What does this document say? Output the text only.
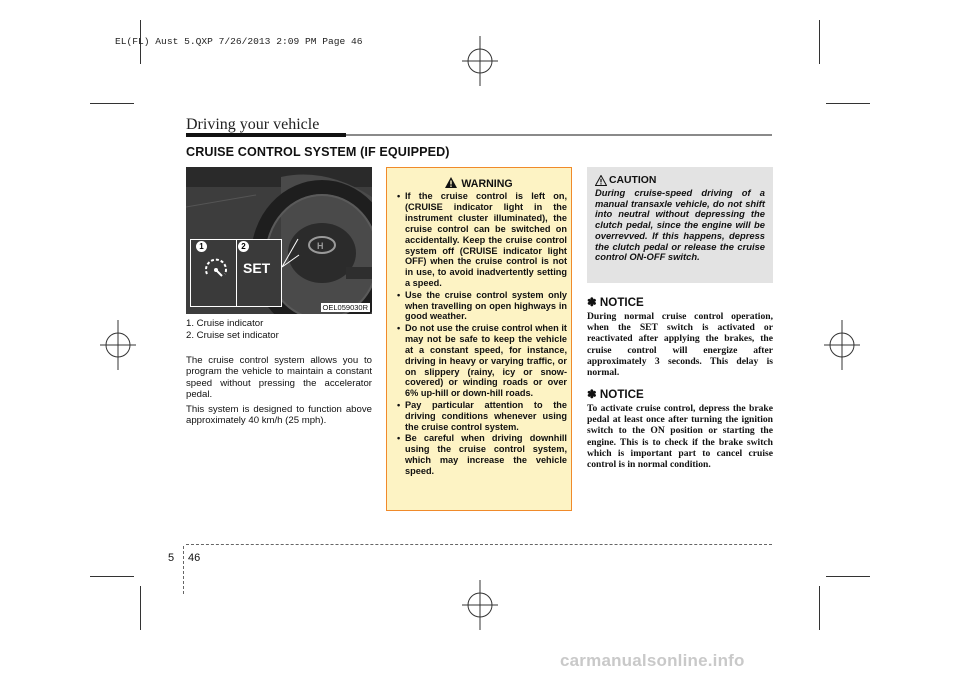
EL(FL) Aust 5.QXP 7/26/2013 2:09 PM Page 46
Driving your vehicle
CRUISE CONTROL SYSTEM (IF EQUIPPED)
H
SET
1	2
OEL059030R
1. Cruise indicator
2. Cruise set indicator
The cruise control system allows you to program the vehicle to maintain a constant speed without pressing the accelerator pedal.
This system is designed to function above approximately 40 km/h (25 mph).
WARNING
• If the cruise control is left on, (CRUISE indicator light in the instrument cluster illuminated), the cruise control can be switched on accidentally. Keep the cruise control system off (CRUISE indicator light OFF) when the cruise control is not in use, to avoid inadvertently setting a speed.
• Use the cruise control system only when travelling on open highways in good weather.
• Do not use the cruise control when it may not be safe to keep the vehicle at a constant speed, for instance, driving in heavy or varying traffic, or on slippery (rainy, icy or snow-covered) or winding roads or over 6% up-hill or down-hill roads.
• Pay particular attention to the driving conditions whenever using the cruise control system.
• Be careful when driving downhill using the cruise control system, which may increase the vehicle speed.
CAUTION
During cruise-speed driving of a manual transaxle vehicle, do not shift into neutral without depressing the clutch pedal, since the engine will be overrevved. If this happens, depress the clutch pedal or release the cruise control ON-OFF switch.
✽ NOTICE
During normal cruise control operation, when the SET switch is activated or reactivated after applying the brakes, the cruise control will energize after approximately 3 seconds. This delay is normal.
✽ NOTICE
To activate cruise control, depress the brake pedal at least once after turning the ignition switch to the ON position or starting the engine. This is to check if the brake switch which is important part to cancel cruise control is in normal condition.
5 46
carmanualsonline.info
